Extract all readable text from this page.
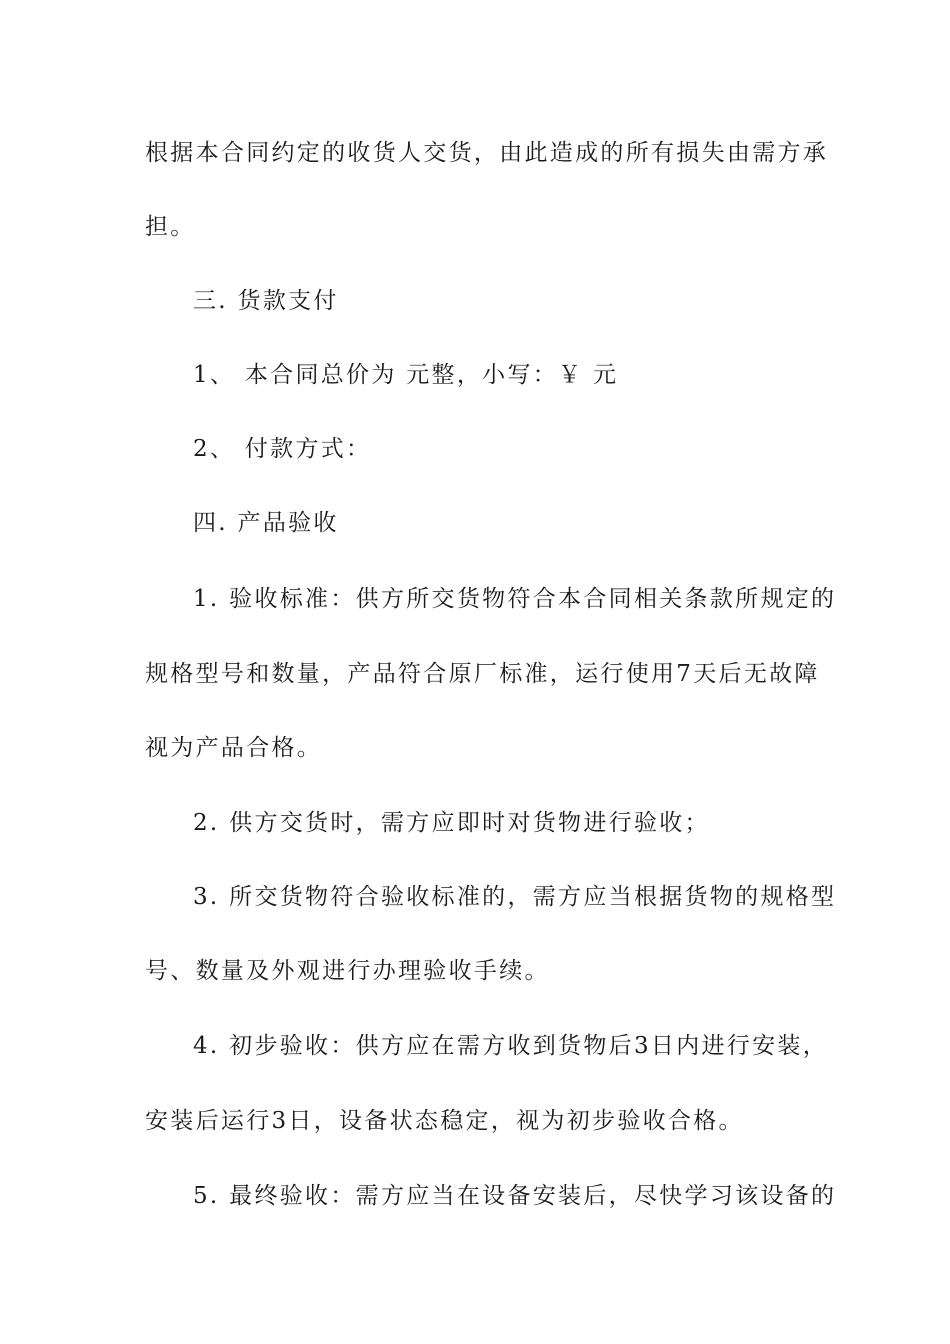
根据本合同约定的收货人交货，由此造成的所有损失由需方承
担。
三. 货款支付
1、 本合同总价为 元整，小写：￥ 元
2、 付款方式：
四. 产品验收
1. 验收标准：供方所交货物符合本合同相关条款所规定的
规格型号和数量，产品符合原厂标准，运行使用7天后无故障
视为产品合格。
2. 供方交货时，需方应即时对货物进行验收；
3. 所交货物符合验收标准的，需方应当根据货物的规格型
号、数量及外观进行办理验收手续。
4. 初步验收：供方应在需方收到货物后3日内进行安装，
安装后运行3日，设备状态稳定，视为初步验收合格。
5. 最终验收：需方应当在设备安装后，尽快学习该设备的
